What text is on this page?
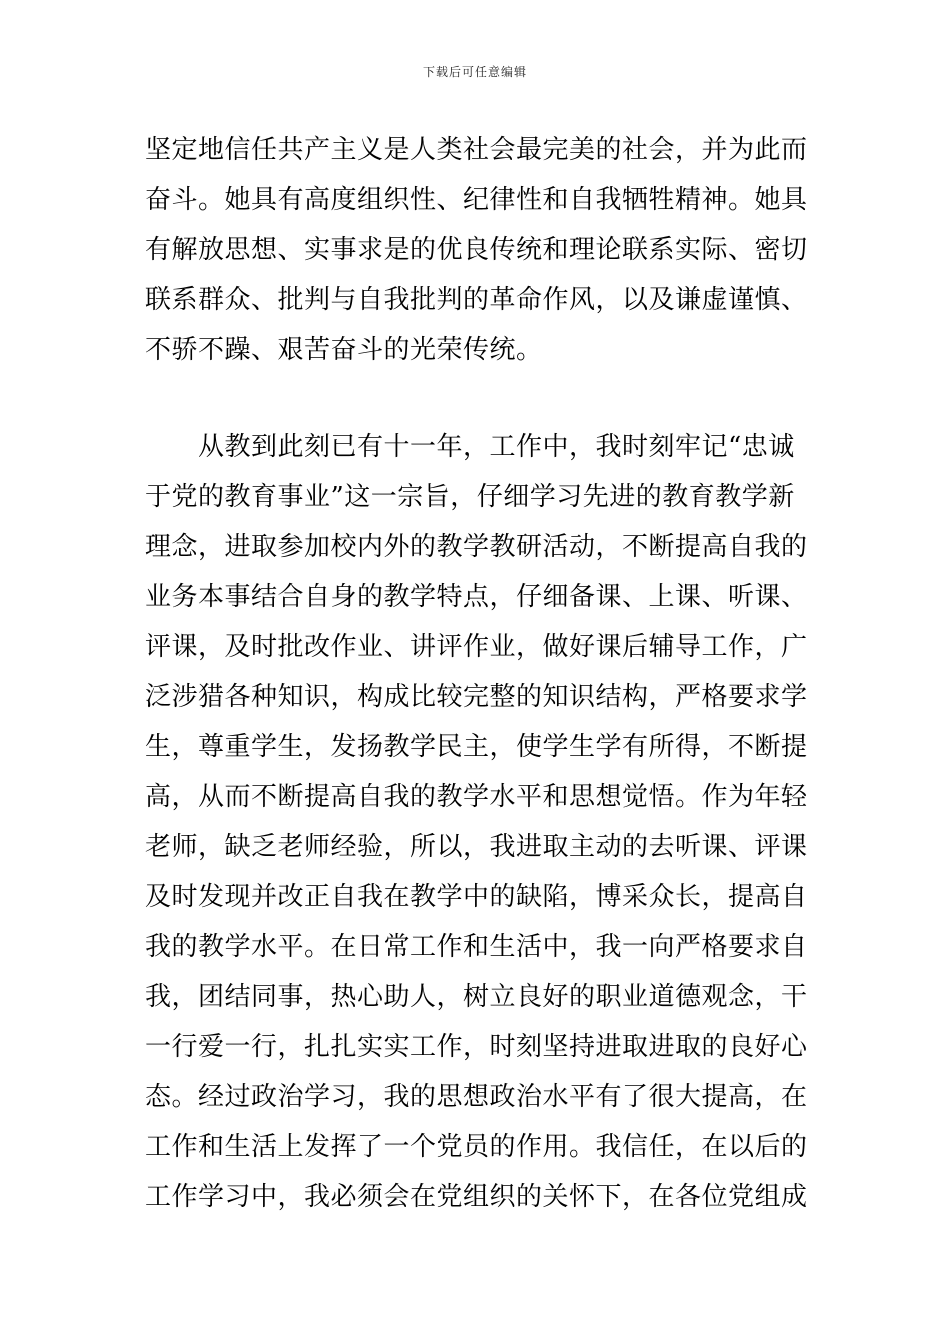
下载后可任意编辑
坚定地信任共产主义是人类社会最完美的社会，并为此而
奋斗。她具有高度组织性、纪律性和自我牺牲精神。她具
有解放思想、实事求是的优良传统和理论联系实际、密切
联系群众、批判与自我批判的革命作风，以及谦虚谨慎、
不骄不躁、艰苦奋斗的光荣传统。
从教到此刻已有十一年，工作中，我时刻牢记“忠诚
于党的教育事业”这一宗旨，仔细学习先进的教育教学新
理念，进取参加校内外的教学教研活动，不断提高自我的
业务本事结合自身的教学特点，仔细备课、上课、听课、
评课，及时批改作业、讲评作业，做好课后辅导工作，广
泛涉猎各种知识，构成比较完整的知识结构，严格要求学
生，尊重学生，发扬教学民主，使学生学有所得，不断提
高，从而不断提高自我的教学水平和思想觉悟。作为年轻
老师，缺乏老师经验，所以，我进取主动的去听课、评课
及时发现并改正自我在教学中的缺陷，博采众长，提高自
我的教学水平。在日常工作和生活中，我一向严格要求自
我，团结同事，热心助人，树立良好的职业道德观念，干
一行爱一行，扎扎实实工作，时刻坚持进取进取的良好心
态。经过政治学习，我的思想政治水平有了很大提高，在
工作和生活上发挥了一个党员的作用。我信任，在以后的
工作学习中，我必须会在党组织的关怀下，在各位党组成
